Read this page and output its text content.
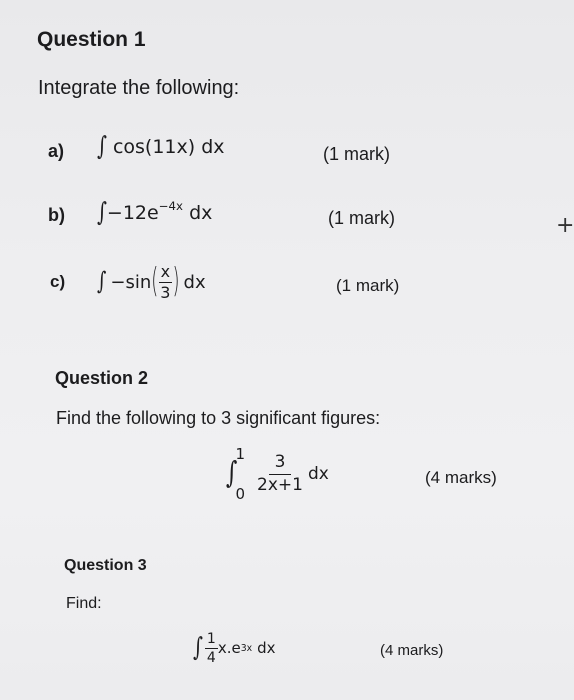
Question 1
Integrate the following:
a) ∫ cos(11x) dx	(1 mark)
b) $\int-12e^{-4x}$ dx	(1 mark)
c) ∫ −sin ( $\frac{x}{3}$ ) dx	(1 mark)
Question 2
Find the following to 3 significant figures:
∫
1
$0 \frac{3}{2x+1}$ dx	(4 marks)
Question 3
Find:
∫ $\frac{1}{4} x.e$ 3x dx	(4 marks)
+
